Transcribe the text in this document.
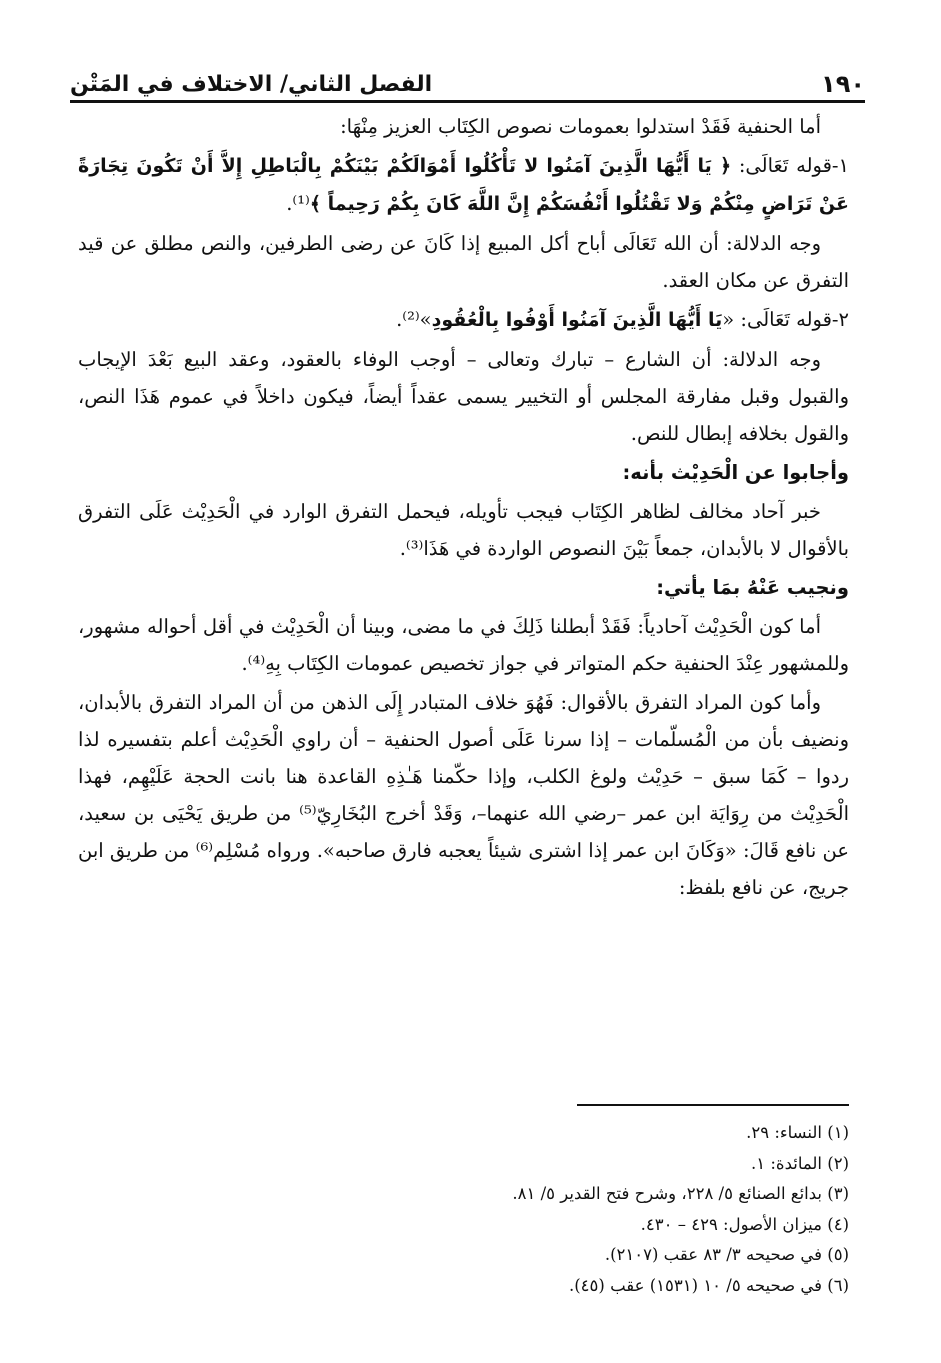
١٩٠
الفصل الثاني/ الاختلاف في المَتْن

أما الحنفية فَقَدْ استدلوا بعمومات نصوص الكِتَاب العزيز مِنْهَا:

١-قوله تَعَالَى: ﴿ يَا أَيُّهَا الَّذِينَ آمَنُوا لا تَأْكُلُوا أَمْوَالَكُمْ بَيْنَكُمْ بِالْبَاطِلِ إِلاَّ أَنْ تَكُونَ تِجَارَةً عَنْ تَرَاضٍ مِنْكُمْ وَلا تَقْتُلُوا أَنْفُسَكُمْ إِنَّ اللَّهَ كَانَ بِكُمْ رَحِيماً ﴾⁽¹⁾.

وجه الدلالة: أن الله تَعَالَى أباح أكل المبيع إذا كَانَ عن رضى الطرفين، والنص مطلق عن قيد التفرق عن مكان العقد.

٢-قوله تَعَالَى: «يَا أَيُّهَا الَّذِينَ آمَنُوا أَوْفُوا بِالْعُقُودِ»⁽²⁾.

وجه الدلالة: أن الشارع – تبارك وتعالى – أوجب الوفاء بالعقود، وعقد البيع بَعْدَ الإيجاب والقبول وقبل مفارقة المجلس أو التخيير يسمى عقداً أيضاً، فيكون داخلاً في عموم هَذَا النص، والقول بخلافه إبطال للنص.

وأجابوا عن الْحَدِيْث بأنه:

خبر آحاد مخالف لظاهر الكِتَاب فيجب تأويله، فيحمل التفرق الوارد في الْحَدِيْث عَلَى التفرق بالأقوال لا بالأبدان، جمعاً بَيْنَ النصوص الواردة في هَذَا⁽³⁾.

ونجيب عَنْهُ بمَا يأتي:

أما كون الْحَدِيْث آحادياً: فَقَدْ أبطلنا ذَلِكَ في ما مضى، وبينا أن الْحَدِيْث في أقل أحواله مشهور، وللمشهور عِنْدَ الحنفية حكم المتواتر في جواز تخصيص عمومات الكِتَاب بِهِ⁽⁴⁾.

وأما كون المراد التفرق بالأقوال: فَهُوَ خلاف المتبادر إِلَى الذهن من أن المراد التفرق بالأبدان، ونضيف بأن من الْمُسلّمات – إذا سرنا عَلَى أصول الحنفية – أن راوي الْحَدِيْث أعلم بتفسيره لذا ردوا – كَمَا سبق – حَدِيْث ولوغ الكلب، وإذا حكّمنا هَـٰذِهِ القاعدة هنا بانت الحجة عَلَيْهِم، فهذا الْحَدِيْث من رِوَايَة ابن عمر –رضي الله عنهما–، وَقَدْ أخرج البُخَارِيّ⁽⁵⁾ من طريق يَحْيَى بن سعيد، عن نافع قَالَ: «وَكَانَ ابن عمر إذا اشترى شيئاً يعجبه فارق صاحبه». ورواه مُسْلِم⁽⁶⁾ من طريق ابن جريج، عن نافع بلفظ:

(١) النساء: ٢٩.
(٢) المائدة: ١.
(٣) بدائع الصنائع ٥/ ٢٢٨، وشرح فتح القدير ٥/ ٨١.
(٤) ميزان الأصول: ٤٢٩ – ٤٣٠.
(٥) في صحيحه ٣/ ٨٣ عقب (٢١٠٧).
(٦) في صحيحه ٥/ ١٠ (١٥٣١) عقب (٤٥).
